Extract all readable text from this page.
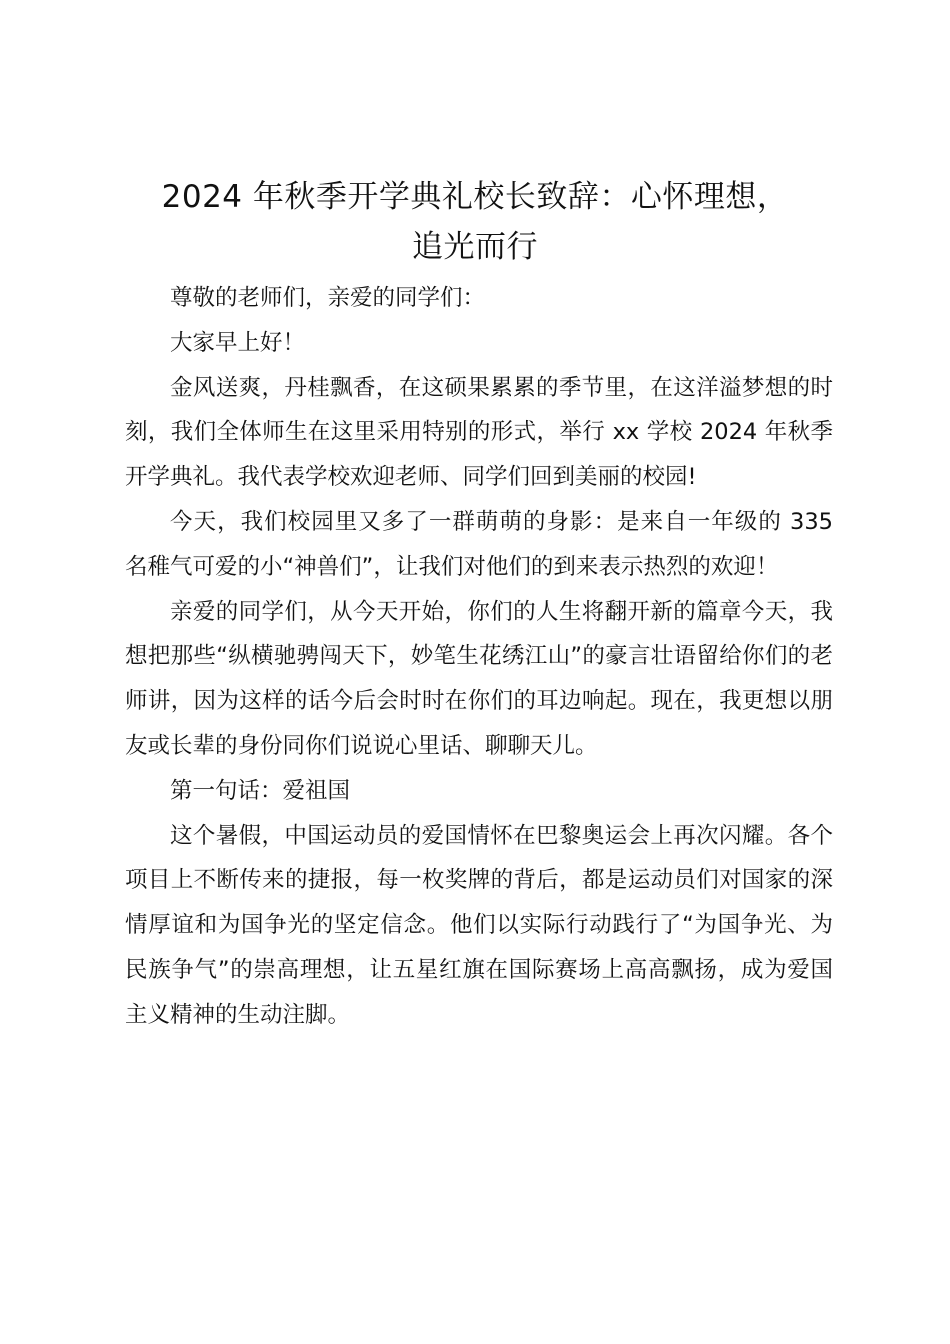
2024 年秋季开学典礼校长致辞：心怀理想，
追光而行

尊敬的老师们，亲爱的同学们：

大家早上好！

金风送爽，丹桂飘香，在这硕果累累的季节里，在这洋溢梦想的时刻，我们全体师生在这里采用特别的形式，举行 xx 学校 2024 年秋季开学典礼。我代表学校欢迎老师、同学们回到美丽的校园!

今天，我们校园里又多了一群萌萌的身影：是来自一年级的 335 名稚气可爱的小“神兽们”，让我们对他们的到来表示热烈的欢迎！

亲爱的同学们，从今天开始，你们的人生将翻开新的篇章今天，我想把那些“纵横驰骋闯天下，妙笔生花绣江山”的豪言壮语留给你们的老师讲，因为这样的话今后会时时在你们的耳边响起。现在，我更想以朋友或长辈的身份同你们说说心里话、聊聊天儿。

第一句话：爱祖国

这个暑假，中国运动员的爱国情怀在巴黎奥运会上再次闪耀。各个项目上不断传来的捷报，每一枚奖牌的背后，都是运动员们对国家的深情厚谊和为国争光的坚定信念。他们以实际行动践行了“为国争光、为民族争气”的崇高理想，让五星红旗在国际赛场上高高飘扬，成为爱国主义精神的生动注脚。
